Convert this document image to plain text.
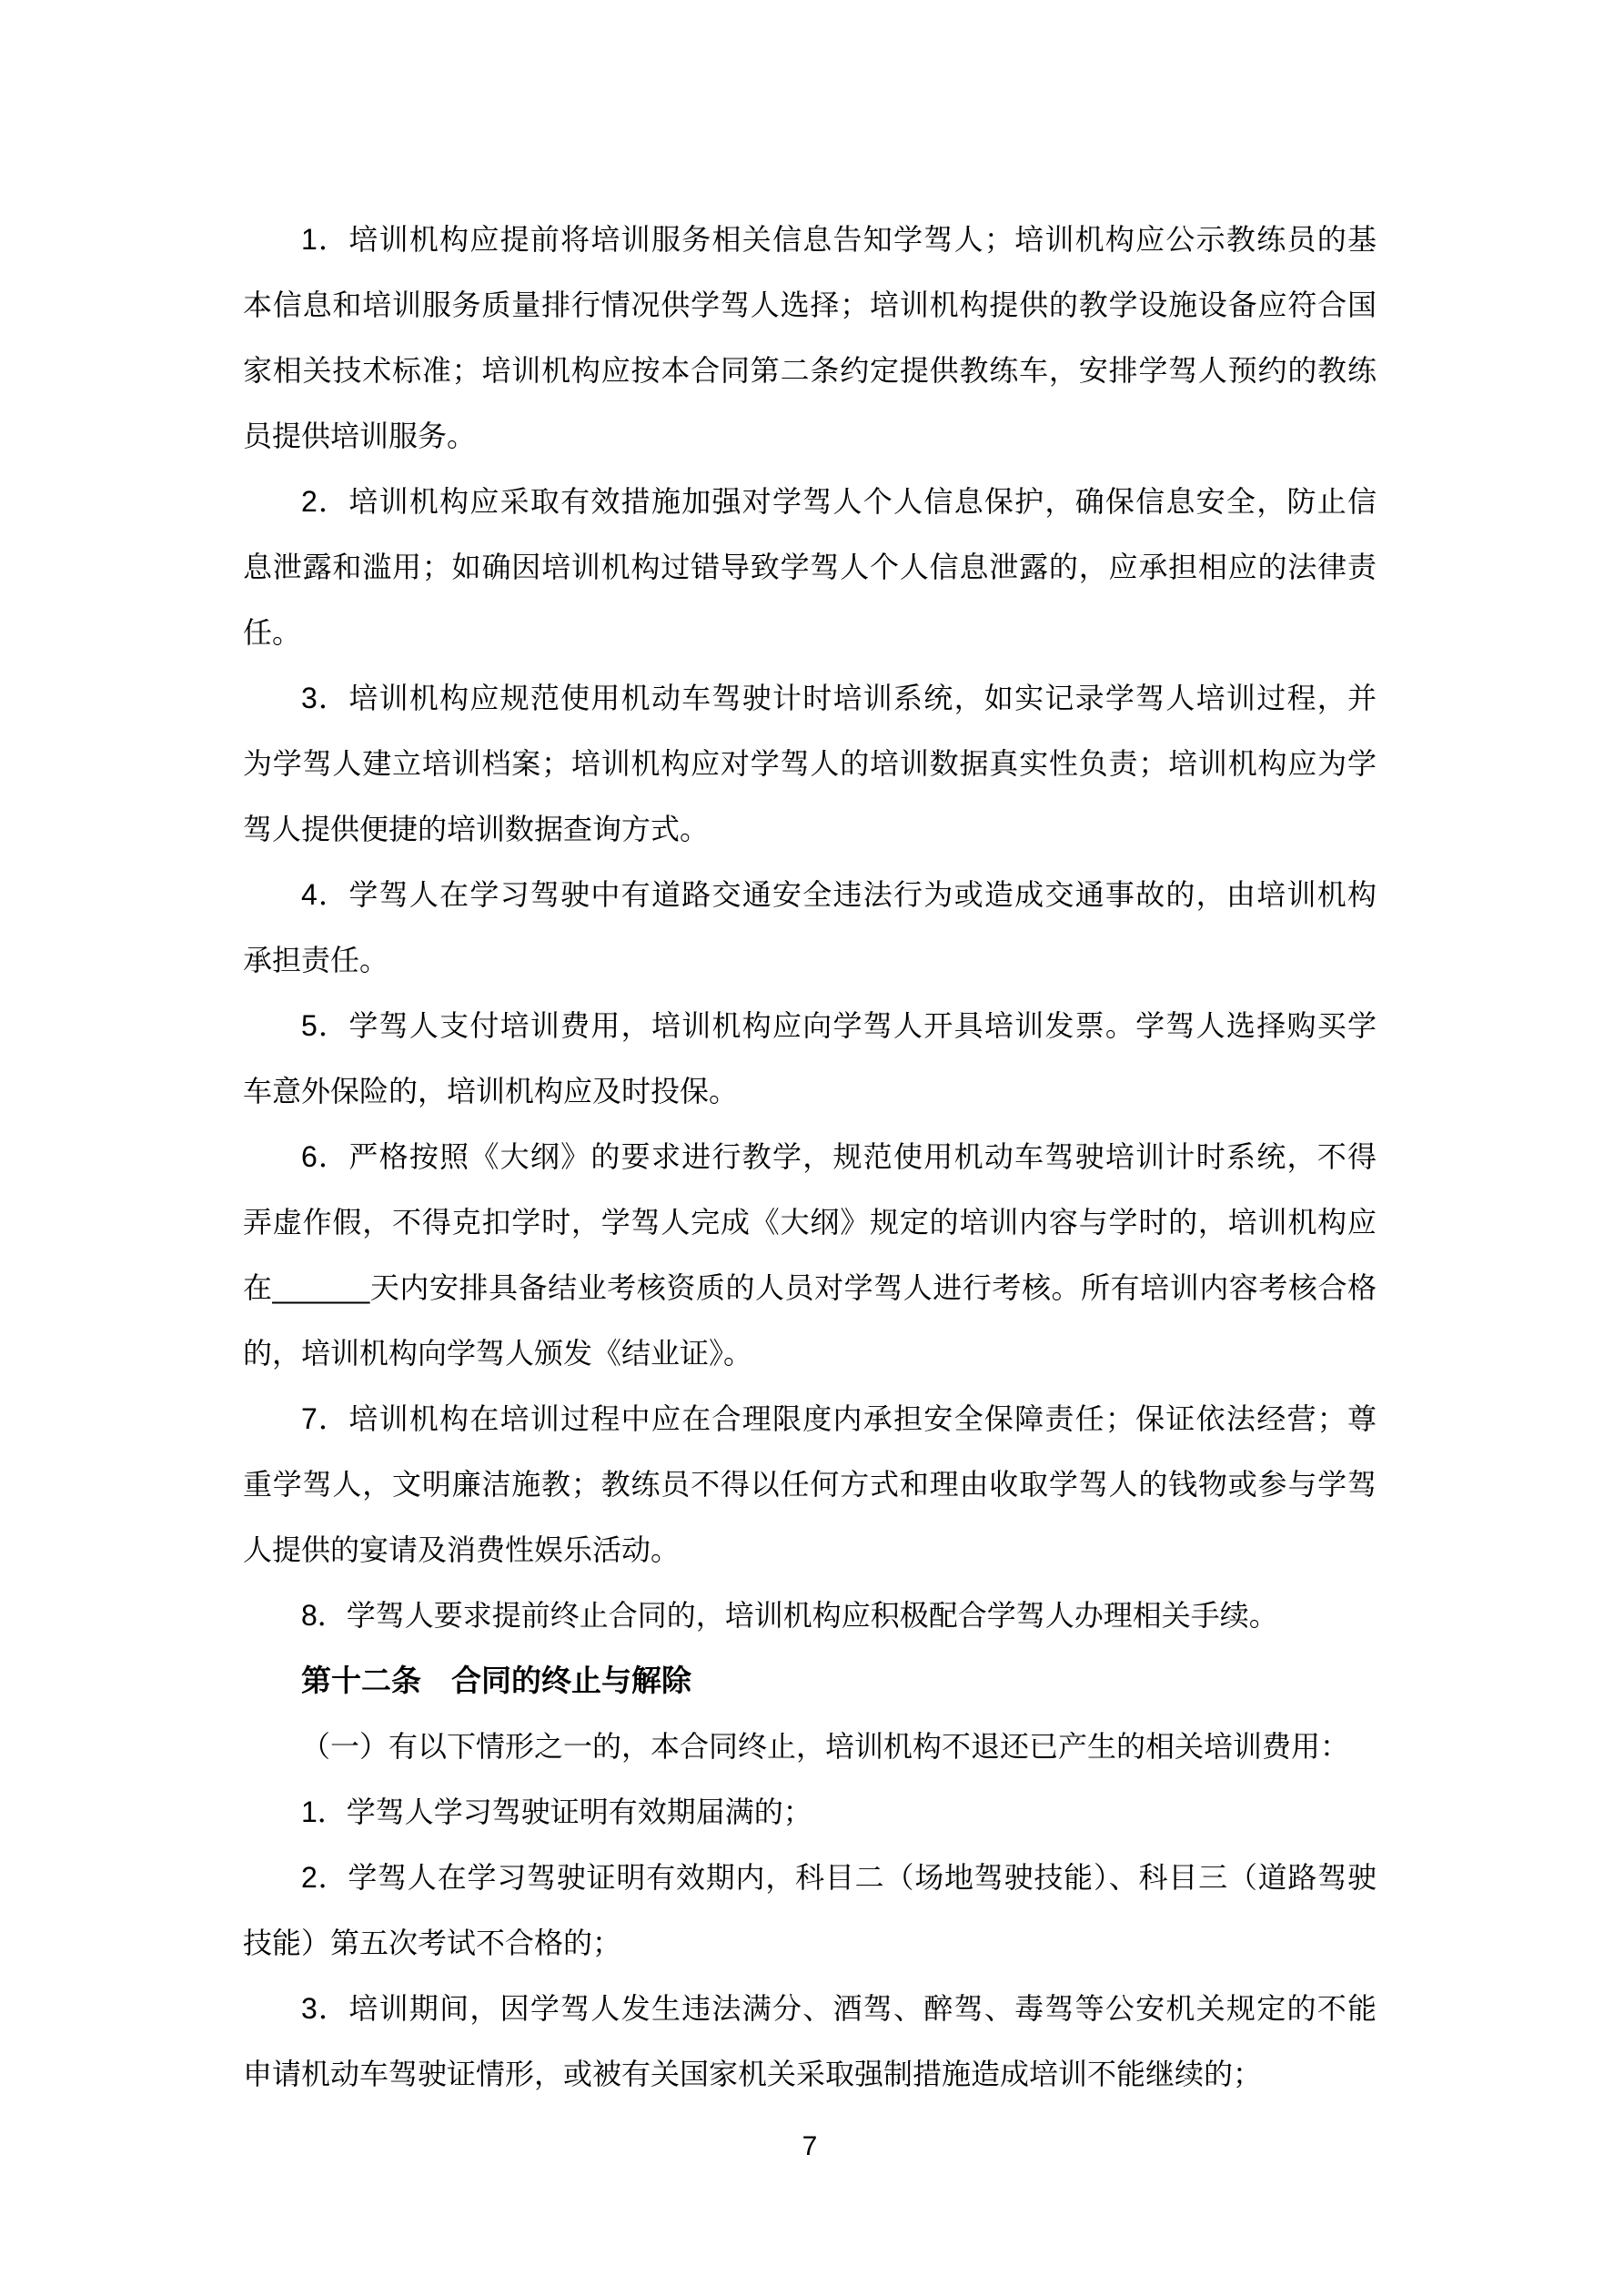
1．培训机构应提前将培训服务相关信息告知学驾人；培训机构应公示教练员的基
本信息和培训服务质量排行情况供学驾人选择；培训机构提供的教学设施设备应符合国
家相关技术标准；培训机构应按本合同第二条约定提供教练车，安排学驾人预约的教练
员提供培训服务。
2．培训机构应采取有效措施加强对学驾人个人信息保护，确保信息安全，防止信
息泄露和滥用；如确因培训机构过错导致学驾人个人信息泄露的，应承担相应的法律责
任。
3．培训机构应规范使用机动车驾驶计时培训系统，如实记录学驾人培训过程，并
为学驾人建立培训档案；培训机构应对学驾人的培训数据真实性负责；培训机构应为学
驾人提供便捷的培训数据查询方式。
4．学驾人在学习驾驶中有道路交通安全违法行为或造成交通事故的，由培训机构
承担责任。
5．学驾人支付培训费用，培训机构应向学驾人开具培训发票。学驾人选择购买学
车意外保险的，培训机构应及时投保。
6．严格按照《大纲》的要求进行教学，规范使用机动车驾驶培训计时系统，不得
弄虚作假，不得克扣学时，学驾人完成《大纲》规定的培训内容与学时的，培训机构应
在______天内安排具备结业考核资质的人员对学驾人进行考核。所有培训内容考核合格
的，培训机构向学驾人颁发《结业证》。
7．培训机构在培训过程中应在合理限度内承担安全保障责任；保证依法经营；尊
重学驾人，文明廉洁施教；教练员不得以任何方式和理由收取学驾人的钱物或参与学驾
人提供的宴请及消费性娱乐活动。
8．学驾人要求提前终止合同的，培训机构应积极配合学驾人办理相关手续。
第十二条　合同的终止与解除
（一）有以下情形之一的，本合同终止，培训机构不退还已产生的相关培训费用：
1．学驾人学习驾驶证明有效期届满的；
2．学驾人在学习驾驶证明有效期内，科目二（场地驾驶技能）、科目三（道路驾驶
技能）第五次考试不合格的；
3．培训期间，因学驾人发生违法满分、酒驾、醉驾、毒驾等公安机关规定的不能
申请机动车驾驶证情形，或被有关国家机关采取强制措施造成培训不能继续的；
7
